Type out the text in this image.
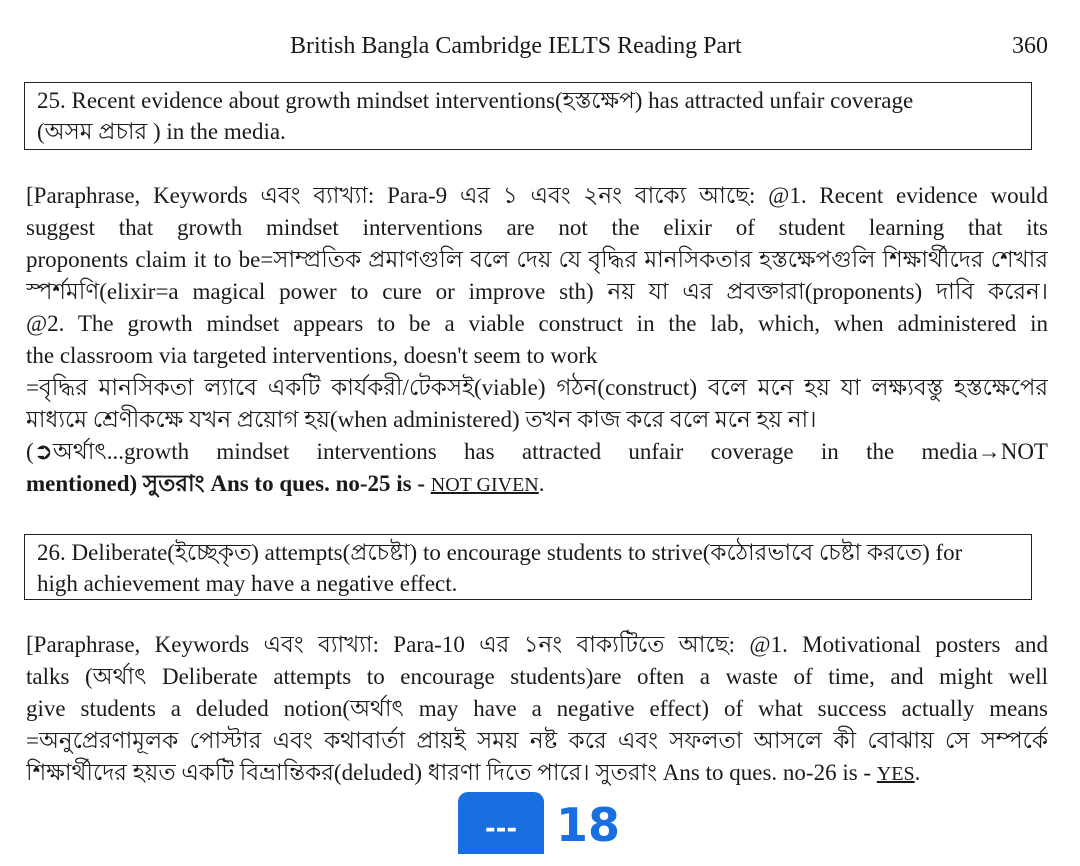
British Bangla Cambridge IELTS Reading Part	360
25. Recent evidence about growth mindset interventions(হস্তক্ষেপ) has attracted unfair coverage
(অসম প্রচার ) in the media.
[Paraphrase, Keywords এবং ব্যাখ্যা: Para-9 এর ১ এবং ২নং বাক্যে আছে: @1. Recent evidence would
suggest that growth mindset interventions are not the elixir of student learning that its
proponents claim it to be=সাম্প্রতিক প্রমাণগুলি বলে দেয় যে বৃদ্ধির মানসিকতার হস্তক্ষেপগুলি শিক্ষার্থীদের শেখার
স্পর্শমণি(elixir=a magical power to cure or improve sth) নয় যা এর প্রবক্তারা(proponents) দাবি করেন।
@2. The growth mindset appears to be a viable construct in the lab, which, when administered in
the classroom via targeted interventions, doesn't seem to work
=বৃদ্ধির মানসিকতা ল্যাবে একটি কার্যকরী/টেকসই(viable) গঠন(construct) বলে মনে হয় যা লক্ষ্যবস্তু হস্তক্ষেপের
মাধ্যমে শ্রেণীকক্ষে যখন প্রয়োগ হয়(when administered) তখন কাজ করে বলে মনে হয় না।
(➲অর্থাৎ...growth mindset interventions has attracted unfair coverage in the media→NOT
mentioned) সুতরাং Ans to ques. no-25 is - NOT GIVEN.
26. Deliberate(ইচ্ছেকৃত) attempts(প্রচেষ্টা) to encourage students to strive(কঠোরভাবে চেষ্টা করতে) for
high achievement may have a negative effect.
[Paraphrase, Keywords এবং ব্যাখ্যা: Para-10 এর ১নং বাক্যটিতে আছে: @1. Motivational posters and
talks (অর্থাৎ Deliberate attempts to encourage students)are often a waste of time, and might well
give students a deluded notion(অর্থাৎ may have a negative effect) of what success actually means
=অনুপ্রেরণামূলক পোস্টার এবং কথাবার্তা প্রায়ই সময় নষ্ট করে এবং সফলতা আসলে কী বোঝায় সে সম্পর্কে
শিক্ষার্থীদের হয়ত একটি বিভ্রান্তিকর(deluded) ধারণা দিতে পারে। সুতরাং Ans to ques. no-26 is - YES.
--- 18
